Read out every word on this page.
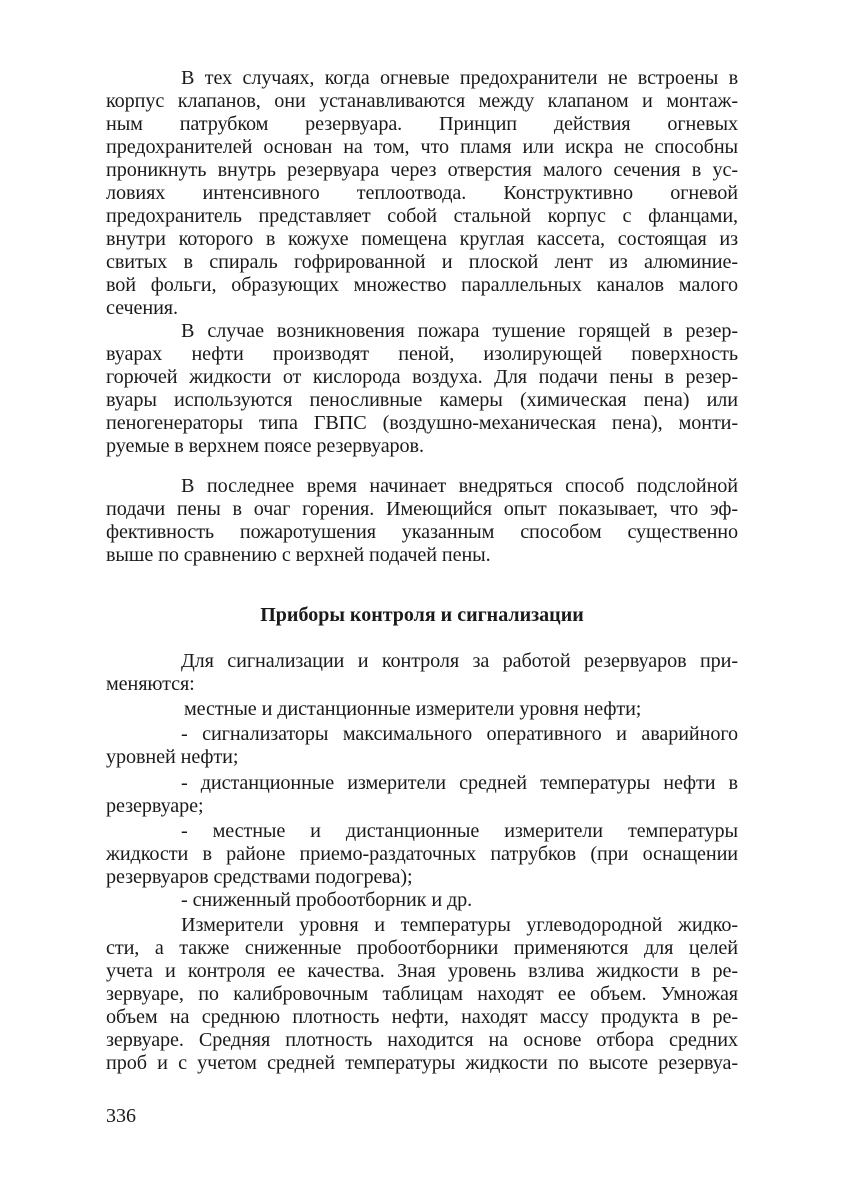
В тех случаях, когда огневые предохранители не встроены в
корпус клапанов, они устанавливаются между клапаном и монтаж-
ным патрубком резервуара. Принцип действия огневых
предохранителей основан на том, что пламя или искра не способны
проникнуть внутрь резервуара через отверстия малого сечения в ус-
ловиях интенсивного теплоотвода. Конструктивно огневой
предохранитель представляет собой стальной корпус с фланцами,
внутри которого в кожухе помещена круглая кассета, состоящая из
свитых в спираль гофрированной и плоской лент из алюминие-
вой фольги, образующих множество параллельных каналов малого
сечения.
В случае возникновения пожара тушение горящей в резер-
вуарах нефти производят пеной, изолирующей поверхность
горючей жидкости от кислорода воздуха. Для подачи пены в резер-
вуары используются пеносливные камеры (химическая пена) или
пеногенераторы типа ГВПС (воздушно-механическая пена), монти-
руемые в верхнем поясе резервуаров.
В последнее время начинает внедряться способ подслойной
подачи пены в очаг горения. Имеющийся опыт показывает, что эф-
фективность пожаротушения указанным способом существенно
выше по сравнению с верхней подачей пены.
Приборы контроля и сигнализации
Для сигнализации и контроля за работой резервуаров при-
меняются:
местные и дистанционные измерители уровня нефти;
- сигнализаторы максимального оперативного и аварийного
уровней нефти;
- дистанционные измерители средней температуры нефти в
резервуаре;
- местные и дистанционные измерители температуры
жидкости в районе приемо-раздаточных патрубков (при оснащении
резервуаров средствами подогрева);
- сниженный пробоотборник и др.
Измерители уровня и температуры углеводородной жидко-
сти, а также сниженные пробоотборники применяются для целей
учета и контроля ее качества. Зная уровень взлива жидкости в ре-
зервуаре, по калибровочным таблицам находят ее объем. Умножая
объем на среднюю плотность нефти, находят массу продукта в ре-
зервуаре. Средняя плотность находится на основе отбора средних
проб и с учетом средней температуры жидкости по высоте резервуа-
336
